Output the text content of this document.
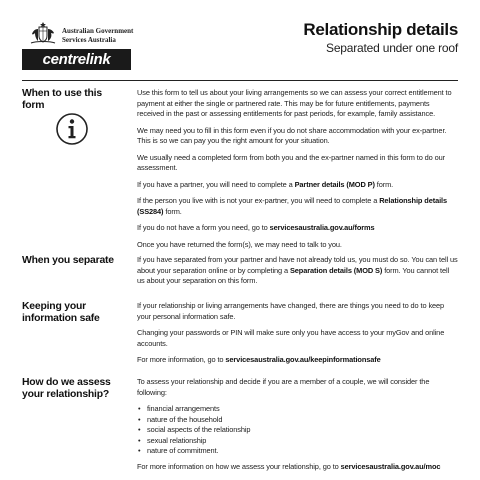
Australian Government
Services Australia
centrelink
Relationship details
Separated under one roof
When to use this form

Use this form to tell us about your living arrangements so we can assess your correct entitlement to payment at either the single or partnered rate. This may be for future entitlements, payments received in the past or assessing entitlements for past periods, for example, family assistance.

We may need you to fill in this form even if you do not share accommodation with your ex-partner. This is so we can pay you the right amount for your situation.

We usually need a completed form from both you and the ex-partner named in this form to do our assessment.

If you have a partner, you will need to complete a Partner details (MOD P) form.

If the person you live with is not your ex-partner, you will need to complete a Relationship details (SS284) form.

If you do not have a form you need, go to servicesaustralia.gov.au/forms

Once you have returned the form(s), we may need to talk to you.

When you separate	If you have separated from your partner and have not already told us, you must do so. You can tell us about your separation online or by completing a Separation details (MOD S) form. You cannot tell us about your separation on this form.

Keeping your information safe

If your relationship or living arrangements have changed, there are things you need to do to keep your personal information safe.

Changing your passwords or PIN will make sure only you have access to your myGov and online accounts.

For more information, go to servicesaustralia.gov.au/keepinformationsafe

How do we assess your relationship?

To assess your relationship and decide if you are a member of a couple, we will consider the following:

• financial arrangements
• nature of the household
• social aspects of the relationship
• sexual relationship
• nature of commitment.

For more information on how we assess your relationship, go to servicesaustralia.gov.au/moc
